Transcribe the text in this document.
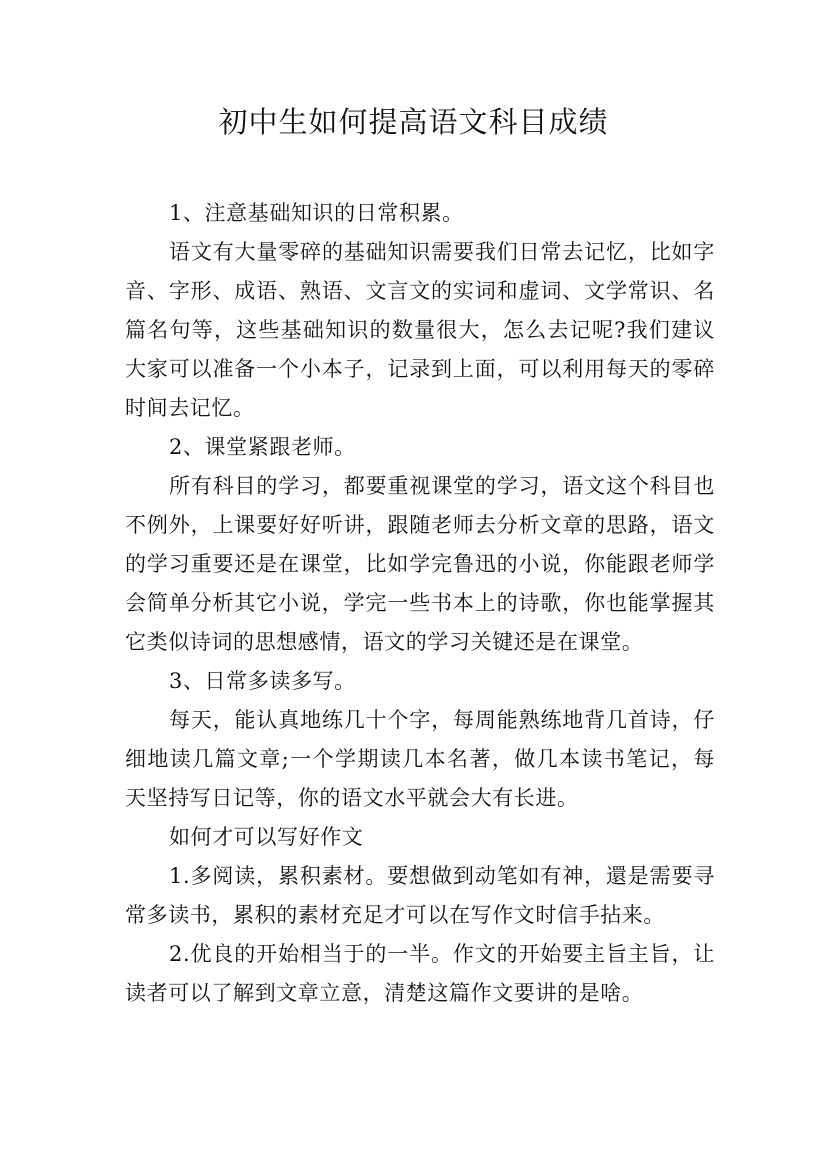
初中生如何提高语文科目成绩

1、注意基础知识的日常积累。

语文有大量零碎的基础知识需要我们日常去记忆，比如字音、字形、成语、熟语、文言文的实词和虚词、文学常识、名篇名句等，这些基础知识的数量很大，怎么去记呢?我们建议大家可以准备一个小本子，记录到上面，可以利用每天的零碎时间去记忆。

2、课堂紧跟老师。

所有科目的学习，都要重视课堂的学习，语文这个科目也不例外，上课要好好听讲，跟随老师去分析文章的思路，语文的学习重要还是在课堂，比如学完鲁迅的小说，你能跟老师学会简单分析其它小说，学完一些书本上的诗歌，你也能掌握其它类似诗词的思想感情，语文的学习关键还是在课堂。

3、日常多读多写。

每天，能认真地练几十个字，每周能熟练地背几首诗，仔细地读几篇文章;一个学期读几本名著，做几本读书笔记，每天坚持写日记等，你的语文水平就会大有长进。

如何才可以写好作文

1.多阅读，累积素材。要想做到动笔如有神，還是需要寻常多读书，累积的素材充足才可以在写作文时信手拈来。

2.优良的开始相当于的一半。作文的开始要主旨主旨，让读者可以了解到文章立意，清楚这篇作文要讲的是啥。
